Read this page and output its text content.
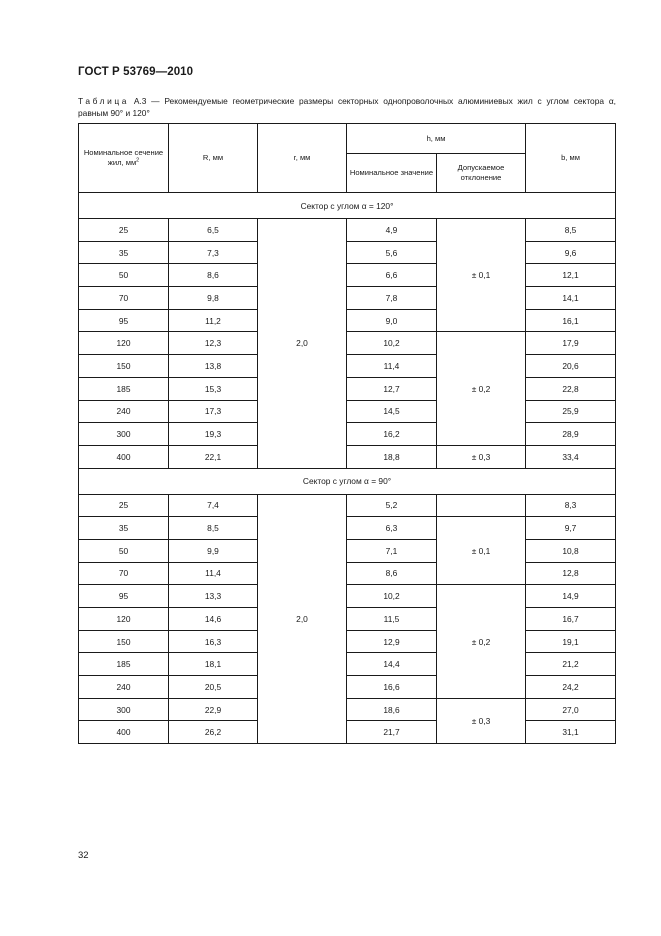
ГОСТ Р 53769—2010
Таблица А.3 — Рекомендуемые геометрические размеры секторных однопроволочных алюминиевых жил с углом сектора α, равным 90° и 120°
Номинальное сечение жил, $мм^2$	R, мм	r, мм	h, мм		b, мм
			Номинальное значение	Допускаемое отклонение	
Сектор с углом α = 120°					
25	6,5	2,0	4,9	± 0,1	8,5
35	7,3		5,6		9,6
50	8,6		6,6		12,1
70	9,8		7,8		14,1
95	11,2		9,0		16,1
120	12,3		10,2	± 0,2	17,9
150	13,8		11,4		20,6
185	15,3		12,7		22,8
240	17,3		14,5		25,9
300	19,3		16,2		28,9
400	22,1		18,8	± 0,3	33,4
Сектор с углом α = 90°					
25	7,4	2,0	5,2		8,3
35	8,5		6,3	± 0,1	9,7
50	9,9		7,1		10,8
70	11,4		8,6		12,8
95	13,3		10,2	± 0,2	14,9
120	14,6		11,5		16,7
150	16,3		12,9		19,1
185	18,1		14,4		21,2
240	20,5		16,6		24,2
300	22,9		18,6	± 0,3	27,0
400	26,2		21,7		31,1
32
